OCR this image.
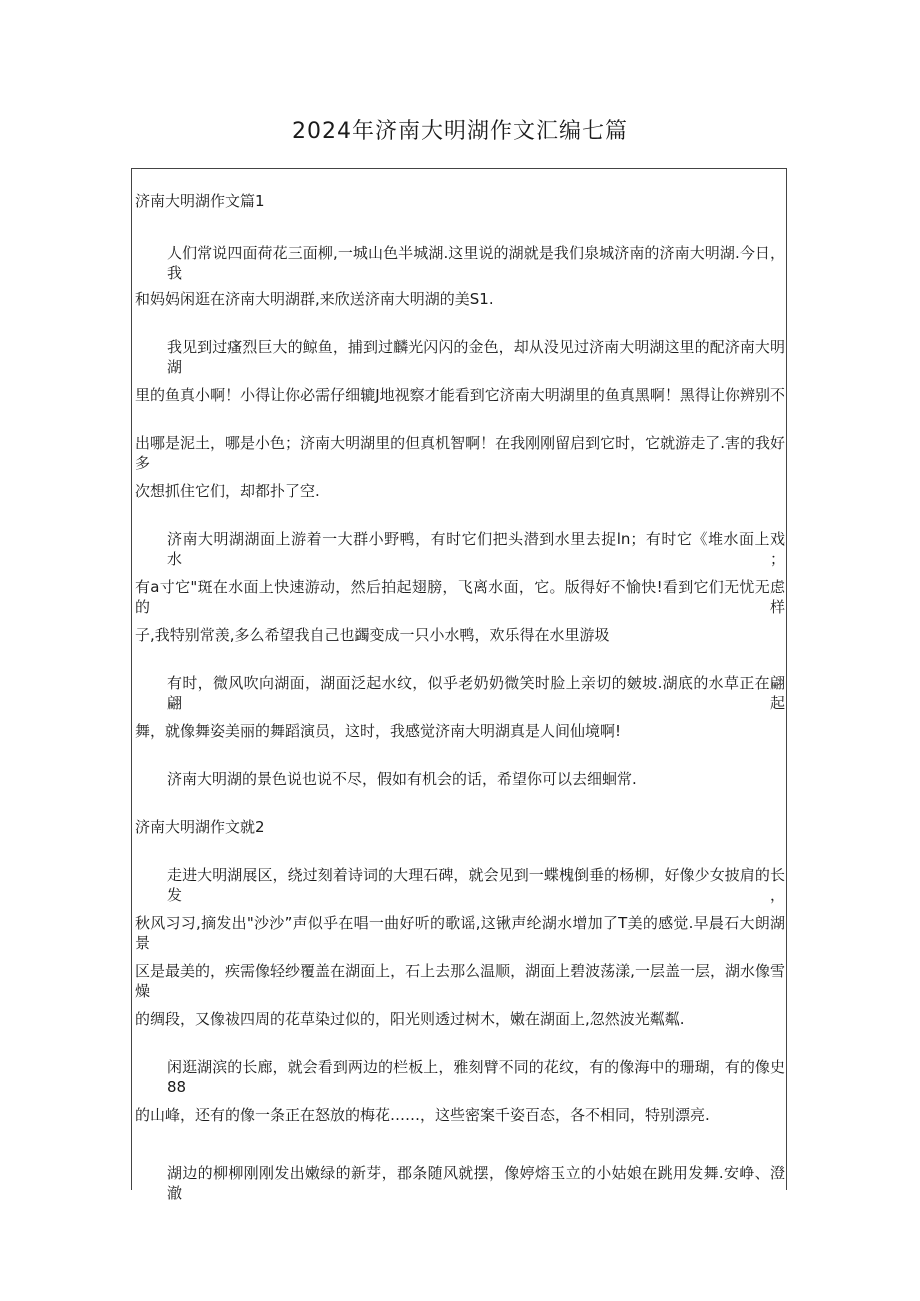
2024年济南大明湖作文汇编七篇
济南大明湖作文篇1
人们常说四面荷花三面柳,一城山色半城湖.这里说的湖就是我们泉城济南的济南大明湖.今日，我
和妈妈闲逛在济南大明湖群,来欣送济南大明湖的美S1.
我见到过瘙烈巨大的鲸鱼，捕到过麟光闪闪的金色，却从没见过济南大明湖这里的配济南大明湖
里的鱼真小啊！小得让你必需仔细辘J地视察才能看到它济南大明湖里的鱼真黑啊！黑得让你辨别不
出哪是泥土，哪是小色；济南大明湖里的但真机智啊！在我刚刚留启到它时，它就游走了.害的我好多
次想抓住它们，却都扑了空.
济南大明湖湖面上游着一大群小野鸭，有时它们把头潜到水里去捉ln；有时它《堆水面上戏水；
有a寸它"斑在水面上快速游动，然后拍起翅膀，飞离水面，它。版得好不愉快!看到它们无忧无虑的样
子,我特别常羡,多么希望我自己也蠲变成一只小水鸭，欢乐得在水里游圾
有时，微风吹向湖面，湖面泛起水纹，似乎老奶奶微笑时脸上亲切的皴坡.湖底的水草正在翩翩起
舞，就像舞姿美丽的舞蹈演员，这时，我感觉济南大明湖真是人间仙境啊!
济南大明湖的景色说也说不尽，假如有机会的话，希望你可以去细蛔常.
济南大明湖作文就2
走进大明湖展区，绕过刻着诗词的大理石碑，就会见到一蝶槐倒垂的杨柳，好像少女披肩的长发，
秋风习习,摘发出"沙沙”声似乎在唱一曲好听的歌谣,这锹声纶湖水增加了T美的感觉.早晨石大朗湖景
区是最美的，疾需像轻纱覆盖在湖面上，石上去那么温顺，湖面上碧波荡漾,一层盖一层，湖水像雪燥
的绸段，又像祓四周的花草染过似的，阳光则透过树木，嫩在湖面上,忽然波光粼粼.
闲逛湖滨的长廊，就会看到两边的栏板上，雅刻臂不同的花纹，有的像海中的珊瑚，有的像史88
的山峰，还有的像一条正在怒放的梅花……，这些密案千姿百态，各不相同，特别漂亮.
湖边的柳柳刚刚发出嫩绿的新芽，郡条随风就摆，像婷熔玉立的小姑娘在跳用发舞.安峥、澄澈
